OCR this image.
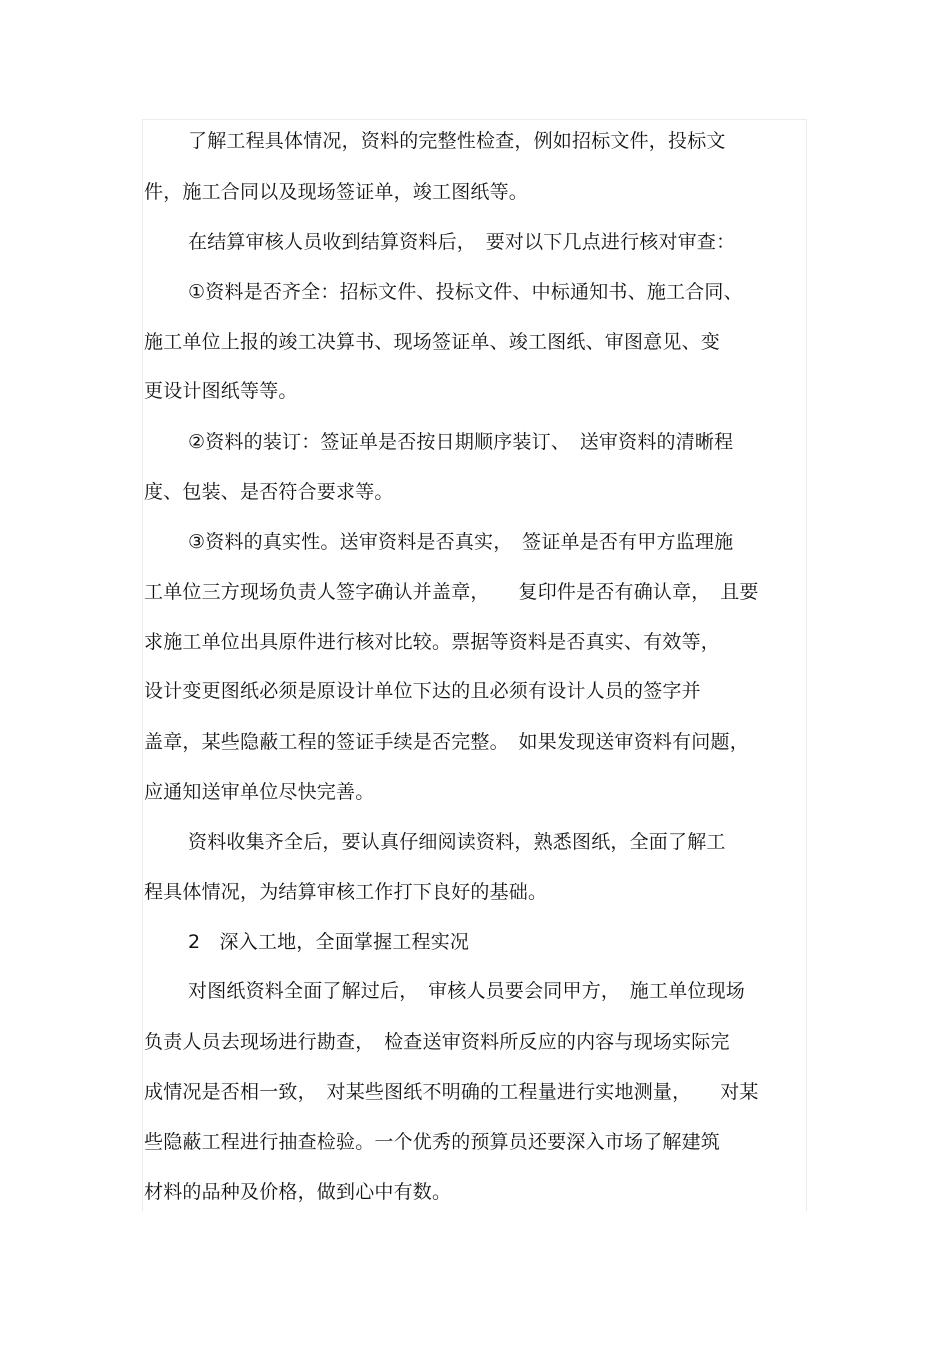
了解工程具体情况，资料的完整性检查，例如招标文件，投标文

件，施工合同以及现场签证单，竣工图纸等。

在结算审核人员收到结算资料后，　要对以下几点进行核对审查：

①资料是否齐全：招标文件、投标文件、中标通知书、施工合同、

施工单位上报的竣工决算书、现场签证单、竣工图纸、审图意见、变

更设计图纸等等。

②资料的装订：签证单是否按日期顺序装订、　送审资料的清晰程

度、包装、是否符合要求等。

③资料的真实性。送审资料是否真实，　签证单是否有甲方监理施

工单位三方现场负责人签字确认并盖章，　　复印件是否有确认章，　且要

求施工单位出具原件进行核对比较。票据等资料是否真实、有效等，

设计变更图纸必须是原设计单位下达的且必须有设计人员的签字并

盖章，某些隐蔽工程的签证手续是否完整。　如果发现送审资料有问题，

应通知送审单位尽快完善。

资料收集齐全后，要认真仔细阅读资料，熟悉图纸，全面了解工

程具体情况，为结算审核工作打下良好的基础。

2　深入工地，全面掌握工程实况

对图纸资料全面了解过后，　审核人员要会同甲方，　施工单位现场

负责人员去现场进行勘查，　检查送审资料所反应的内容与现场实际完

成情况是否相一致，　对某些图纸不明确的工程量进行实地测量，　　对某

些隐蔽工程进行抽查检验。一个优秀的预算员还要深入市场了解建筑

材料的品种及价格，做到心中有数。
